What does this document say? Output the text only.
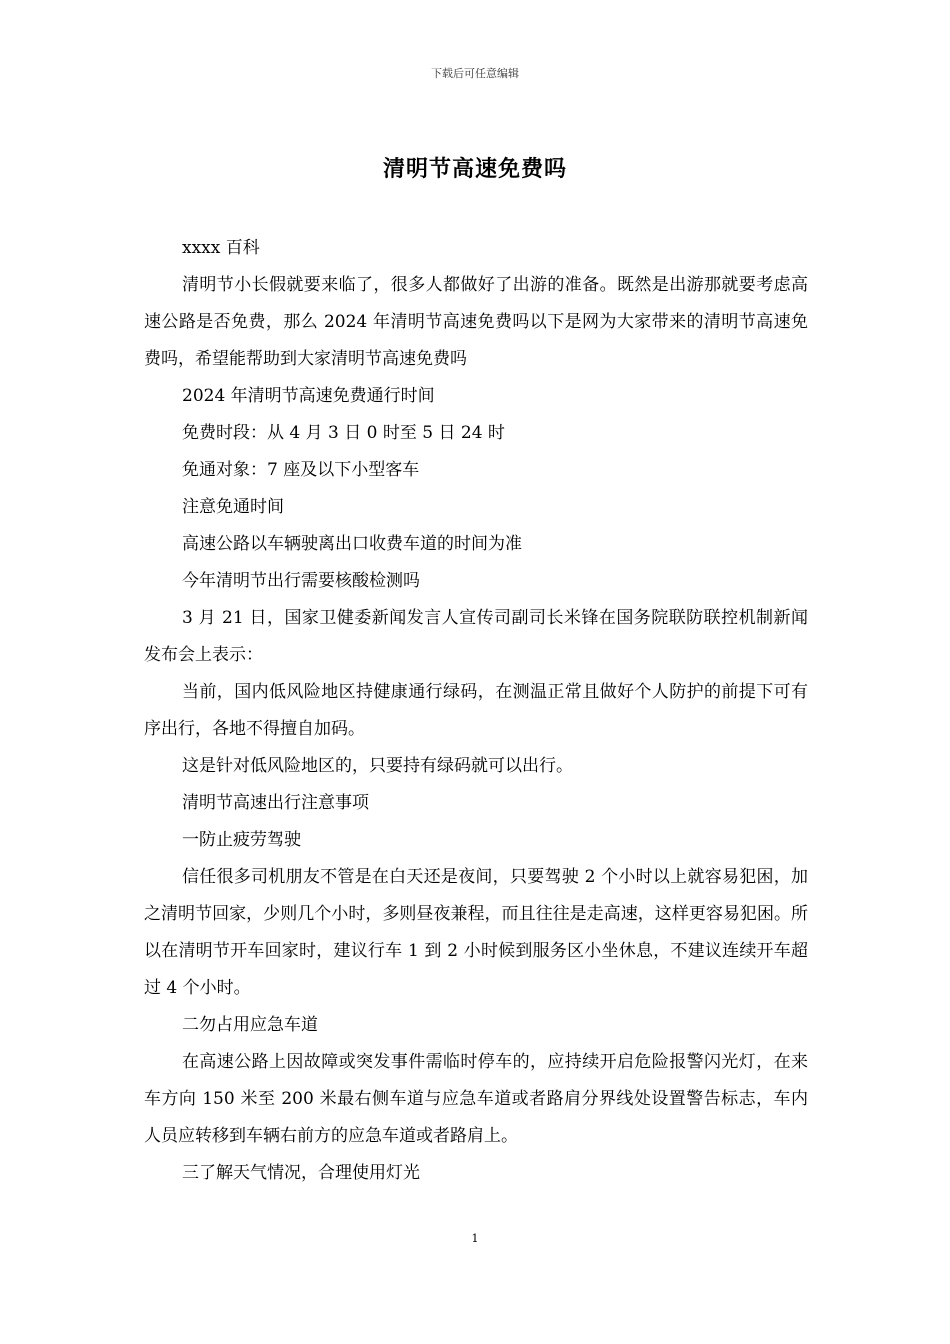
下载后可任意编辑
清明节高速免费吗

xxxx 百科

清明节小长假就要来临了，很多人都做好了出游的准备。既然是出游那就要考虑高速公路是否免费，那么 2024 年清明节高速免费吗以下是网为大家带来的清明节高速免费吗，希望能帮助到大家清明节高速免费吗

2024 年清明节高速免费通行时间

免费时段：从 4 月 3 日 0 时至 5 日 24 时

免通对象：7 座及以下小型客车

注意免通时间

高速公路以车辆驶离出口收费车道的时间为准

今年清明节出行需要核酸检测吗

3 月 21 日，国家卫健委新闻发言人宣传司副司长米锋在国务院联防联控机制新闻发布会上表示：

当前，国内低风险地区持健康通行绿码，在测温正常且做好个人防护的前提下可有序出行，各地不得擅自加码。

这是针对低风险地区的，只要持有绿码就可以出行。

清明节高速出行注意事项

一防止疲劳驾驶

信任很多司机朋友不管是在白天还是夜间，只要驾驶 2 个小时以上就容易犯困，加之清明节回家，少则几个小时，多则昼夜兼程，而且往往是走高速，这样更容易犯困。所以在清明节开车回家时，建议行车 1 到 2 小时候到服务区小坐休息，不建议连续开车超过 4 个小时。

二勿占用应急车道

在高速公路上因故障或突发事件需临时停车的，应持续开启危险报警闪光灯，在来车方向 150 米至 200 米最右侧车道与应急车道或者路肩分界线处设置警告标志，车内人员应转移到车辆右前方的应急车道或者路肩上。

三了解天气情况，合理使用灯光

1
